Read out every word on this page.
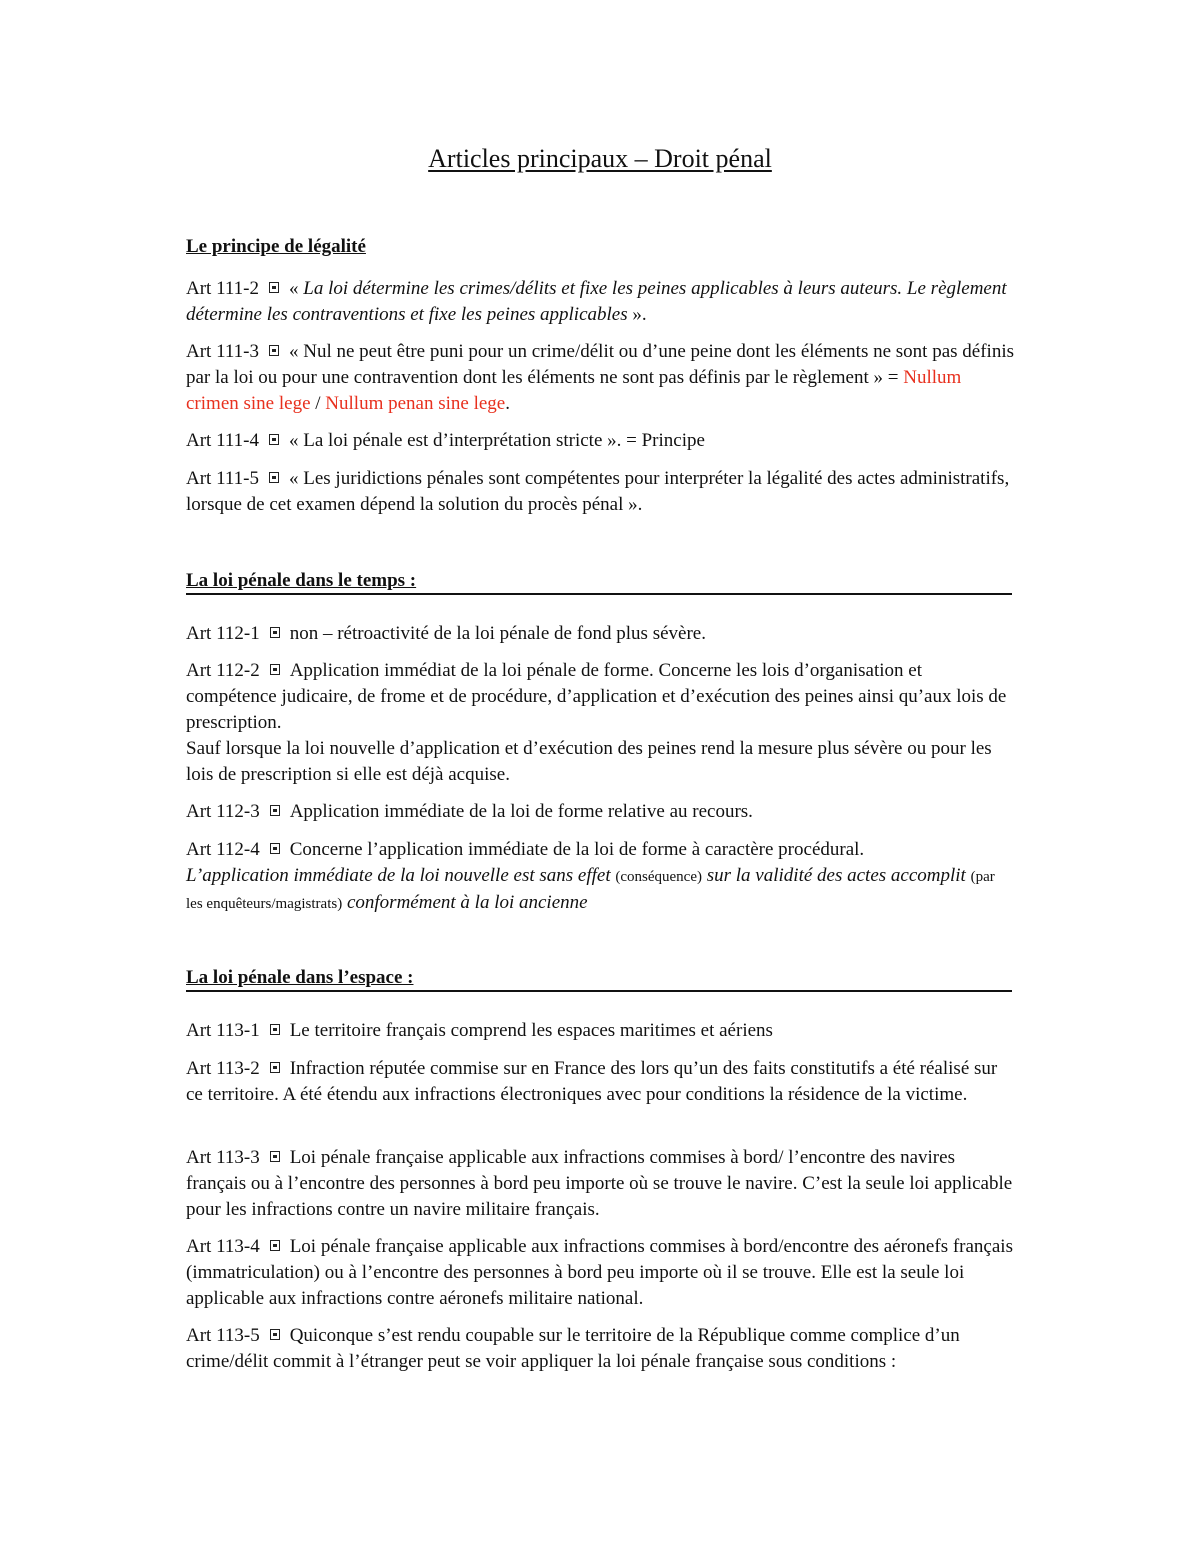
Articles principaux – Droit pénal
Le principe de légalité

Art 111-2 « La loi détermine les crimes/délits et fixe les peines applicables à leurs auteurs. Le règlement détermine les contraventions et fixe les peines applicables ».

Art 111-3 « Nul ne peut être puni pour un crime/délit ou d’une peine dont les éléments ne sont pas définis par la loi ou pour une contravention dont les éléments ne sont pas définis par le règlement » = Nullum crimen sine lege / Nullum penan sine lege.

Art 111-4 « La loi pénale est d’interprétation stricte ». = Principe

Art 111-5 « Les juridictions pénales sont compétentes pour interpréter la légalité des actes administratifs, lorsque de cet examen dépend la solution du procès pénal ».

La loi pénale dans le temps :

Art 112-1 non – rétroactivité de la loi pénale de fond plus sévère.

Art 112-2 Application immédiat de la loi pénale de forme. Concerne les lois d’organisation et compétence judicaire, de frome et de procédure, d’application et d’exécution des peines ainsi qu’aux lois de prescription.
Sauf lorsque la loi nouvelle d’application et d’exécution des peines rend la mesure plus sévère ou pour les lois de prescription si elle est déjà acquise.

Art 112-3 Application immédiate de la loi de forme relative au recours.

Art 112-4 Concerne l’application immédiate de la loi de forme à caractère procédural.
L’application immédiate de la loi nouvelle est sans effet (conséquence) sur la validité des actes accomplit (par les enquêteurs/magistrats) conformément à la loi ancienne

La loi pénale dans l’espace :

Art 113-1 Le territoire français comprend les espaces maritimes et aériens

Art 113-2 Infraction réputée commise sur en France des lors qu’un des faits constitutifs a été réalisé sur ce territoire. A été étendu aux infractions électroniques avec pour conditions la résidence de la victime.

Art 113-3 Loi pénale française applicable aux infractions commises à bord/ l’encontre des navires français ou à l’encontre des personnes à bord peu importe où se trouve le navire. C’est la seule loi applicable pour les infractions contre un navire militaire français.

Art 113-4 Loi pénale française applicable aux infractions commises à bord/encontre des aéronefs français (immatriculation) ou à l’encontre des personnes à bord peu importe où il se trouve. Elle est la seule loi applicable aux infractions contre aéronefs militaire national.

Art 113-5 Quiconque s’est rendu coupable sur le territoire de la République comme complice d’un crime/délit commit à l’étranger peut se voir appliquer la loi pénale française sous conditions :
